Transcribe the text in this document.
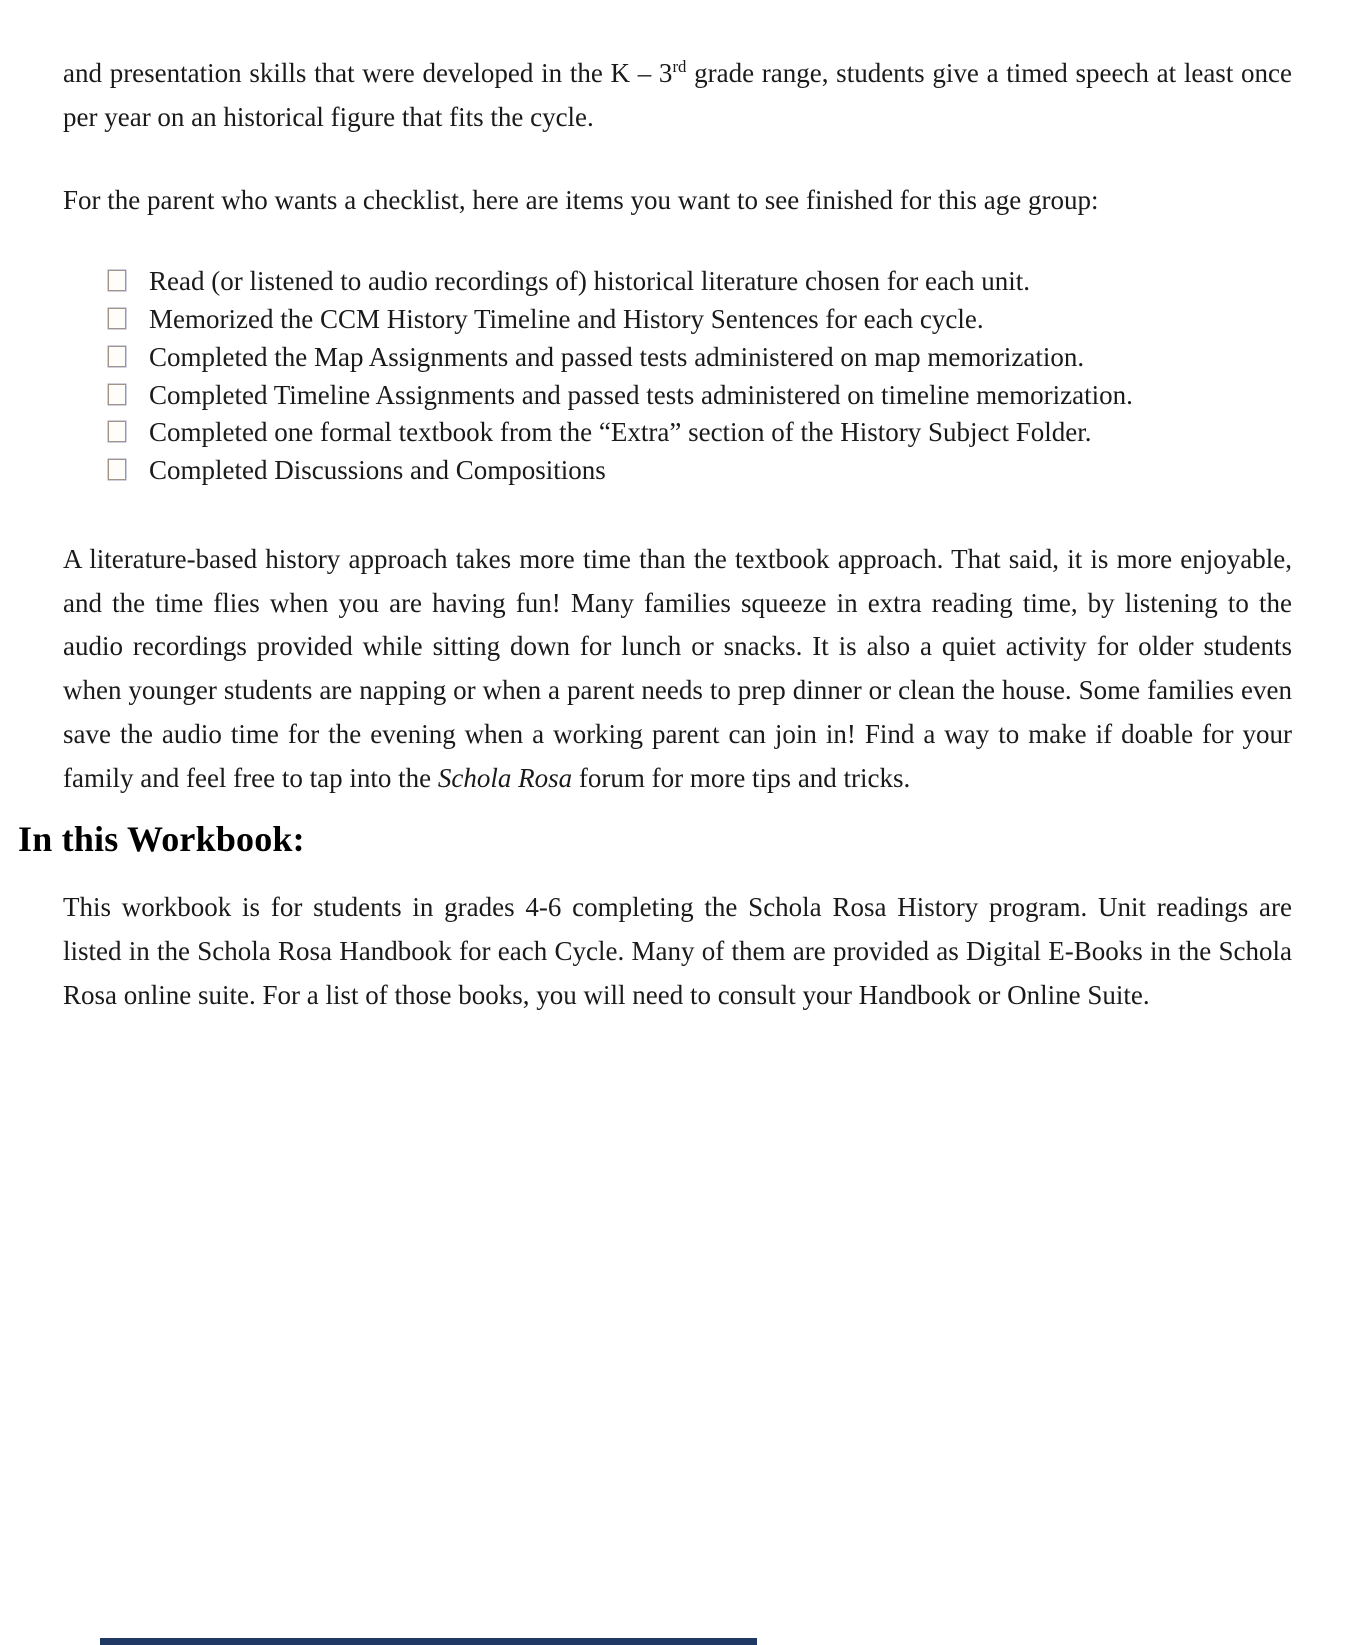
and presentation skills that were developed in the K – 3rd grade range, students give a timed speech at least once per year on an historical figure that fits the cycle.

For the parent who wants a checklist, here are items you want to see finished for this age group:

Read (or listened to audio recordings of) historical literature chosen for each unit.
Memorized the CCM History Timeline and History Sentences for each cycle.
Completed the Map Assignments and passed tests administered on map memorization.
Completed Timeline Assignments and passed tests administered on timeline memorization.
Completed one formal textbook from the “Extra” section of the History Subject Folder.
Completed Discussions and Compositions

A literature-based history approach takes more time than the textbook approach. That said, it is more enjoyable, and the time flies when you are having fun! Many families squeeze in extra reading time, by listening to the audio recordings provided while sitting down for lunch or snacks. It is also a quiet activity for older students when younger students are napping or when a parent needs to prep dinner or clean the house. Some families even save the audio time for the evening when a working parent can join in! Find a way to make if doable for your family and feel free to tap into the Schola Rosa forum for more tips and tricks.

In this Workbook:

This workbook is for students in grades 4-6 completing the Schola Rosa History program. Unit readings are listed in the Schola Rosa Handbook for each Cycle. Many of them are provided as Digital E-Books in the Schola Rosa online suite. For a list of those books, you will need to consult your Handbook or Online Suite.
